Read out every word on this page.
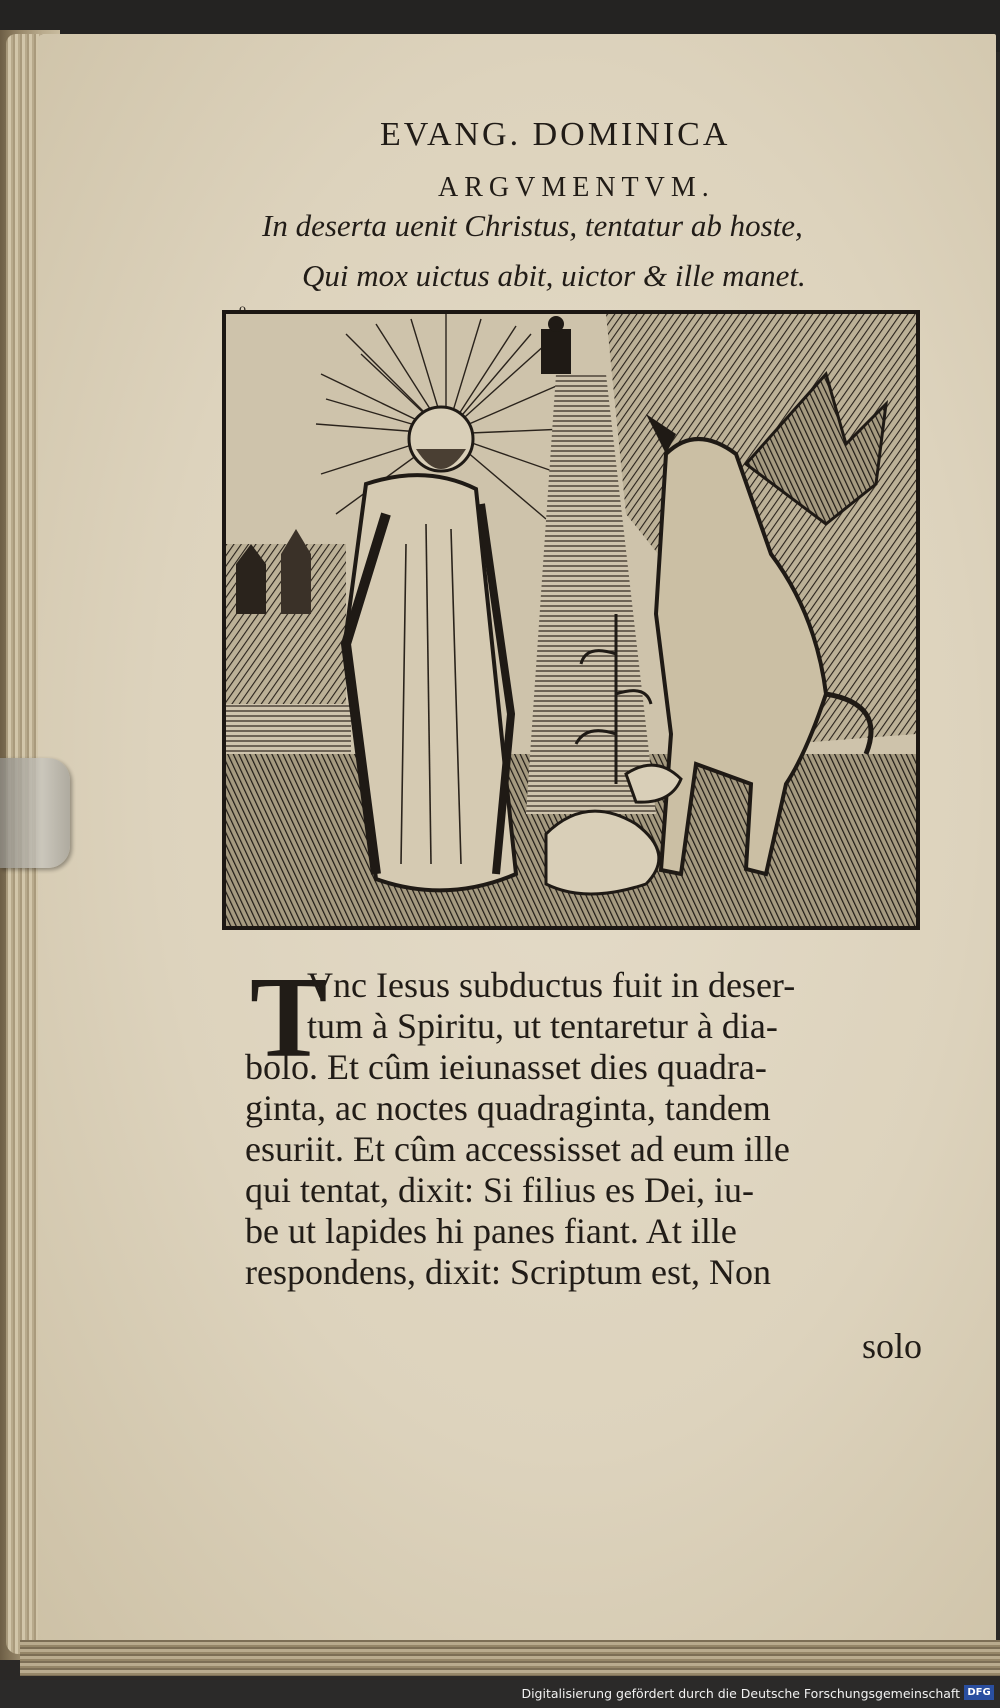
EVANG. DOMINICA
ARGVMENTVM.
In deserta uenit Christus, tentatur ab hoste,
Qui mox uictus abit, uictor & ille manet.
T
Vnc Iesus subductus fuit in deser-
tum à Spiritu, ut tentaretur à dia-
bolo. Et cûm ieiunasset dies quadra-
ginta, ac noctes quadraginta, tandem
esuriit. Et cûm accessisset ad eum ille
qui tentat, dixit: Si filius es Dei, iu-
be ut lapides hi panes fiant. At ille
respondens, dixit: Scriptum est, Non
solo
Digitalisierung gefördert durch die Deutsche Forschungsgemeinschaft DFG
